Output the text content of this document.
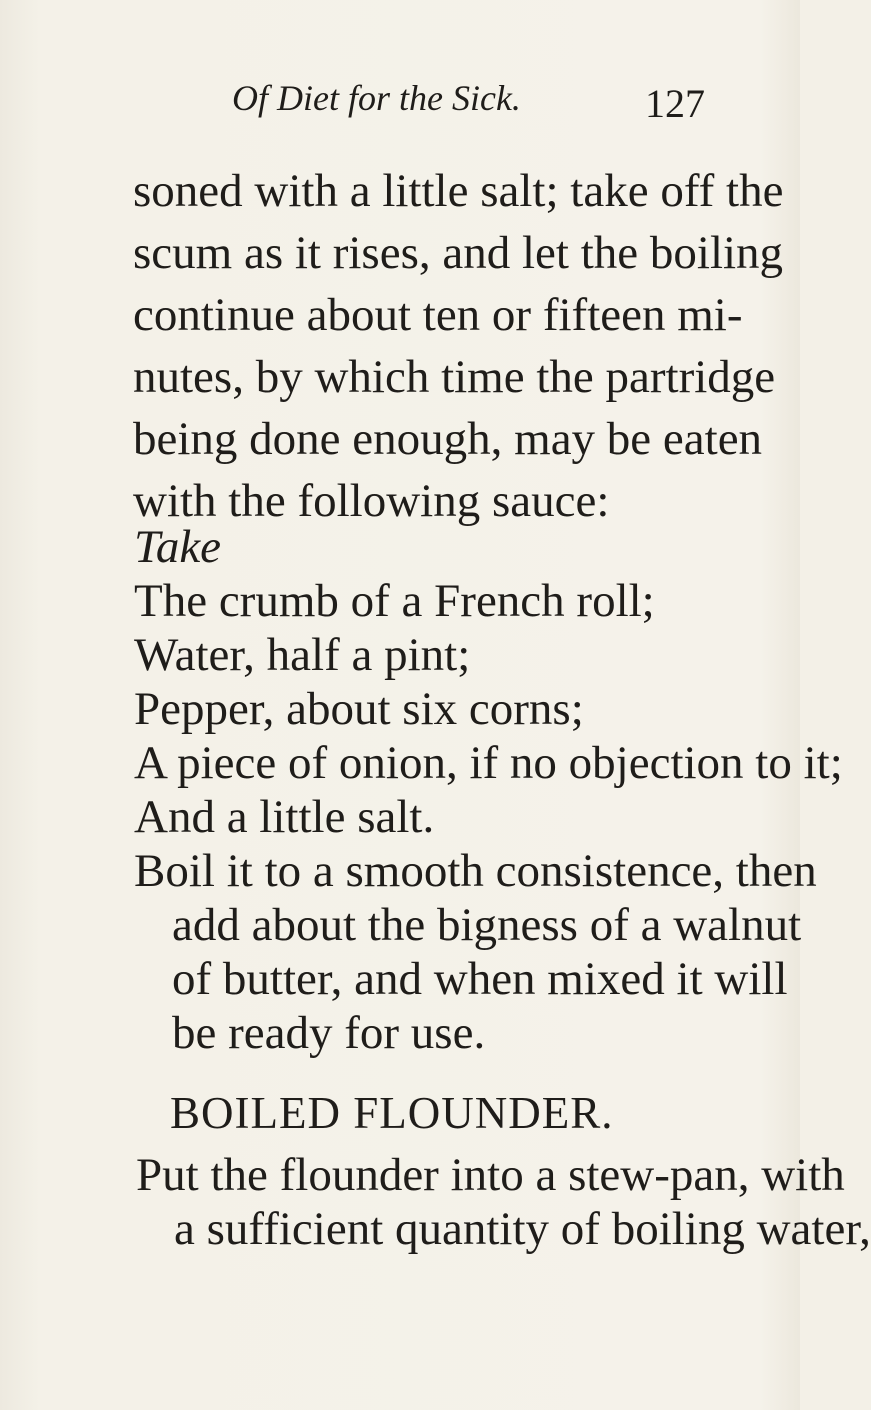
Of Diet for the Sick.	127
soned with a little salt; take off the
scum as it rises, and let the boiling
continue about ten or fifteen mi-
nutes, by which time the partridge
being done enough, may be eaten
with the following sauce:
Take
The crumb of a French roll;
Water, half a pint;
Pepper, about six corns;
A piece of onion, if no objection to it;
And a little salt.
Boil it to a smooth consistence, then
add about the bigness of a walnut
of butter, and when mixed it will
be ready for use.
BOILED FLOUNDER.
Put the flounder into a stew-pan, with
a sufficient quantity of boiling water,
